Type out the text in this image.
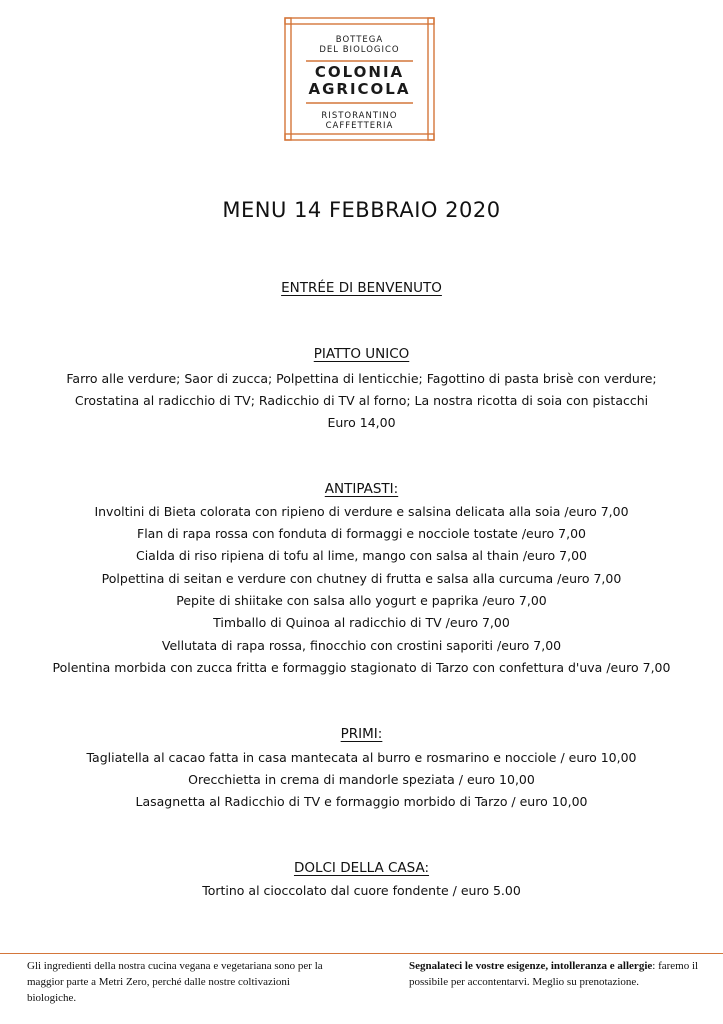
BOTTEGA
DEL BIOLOGICO
COLONIA
AGRICOLA
RISTORANTINO
CAFFETTERIA
MENU 14 FEBBRAIO 2020
ENTRÉE DI BENVENUTO
PIATTO UNICO
Farro alle verdure; Saor di zucca; Polpettina di lenticchie; Fagottino di pasta brisè con verdure;
Crostatina al radicchio di TV; Radicchio di TV al forno; La nostra ricotta di soia con pistacchi
Euro 14,00
ANTIPASTI:
Involtini di Bieta colorata con ripieno di verdure e salsina delicata alla soia /euro 7,00
Flan di rapa rossa con fonduta di formaggi e nocciole tostate /euro 7,00
Cialda di riso ripiena di tofu al lime, mango con salsa al thain /euro 7,00
Polpettina di seitan e verdure con chutney di frutta e salsa alla curcuma /euro 7,00
Pepite di shiitake con salsa allo yogurt e paprika /euro 7,00
Timballo di Quinoa al radicchio di TV /euro 7,00
Vellutata di rapa rossa, finocchio con crostini saporiti /euro 7,00
Polentina morbida con zucca fritta e formaggio stagionato di Tarzo con confettura d'uva /euro 7,00
PRIMI:
Tagliatella al cacao fatta in casa mantecata al burro e rosmarino e nocciole / euro 10,00
Orecchietta in crema di mandorle speziata / euro 10,00
Lasagnetta al Radicchio di TV e formaggio morbido di Tarzo / euro 10,00
DOLCI DELLA CASA:
Tortino al cioccolato dal cuore fondente / euro 5.00
Gli ingredienti della nostra cucina vegana e vegetariana sono per la maggior parte a Metri Zero, perché dalle nostre coltivazioni biologiche.
Segnalateci le vostre esigenze, intolleranza e allergie: faremo il possibile per accontentarvi. Meglio su prenotazione.
